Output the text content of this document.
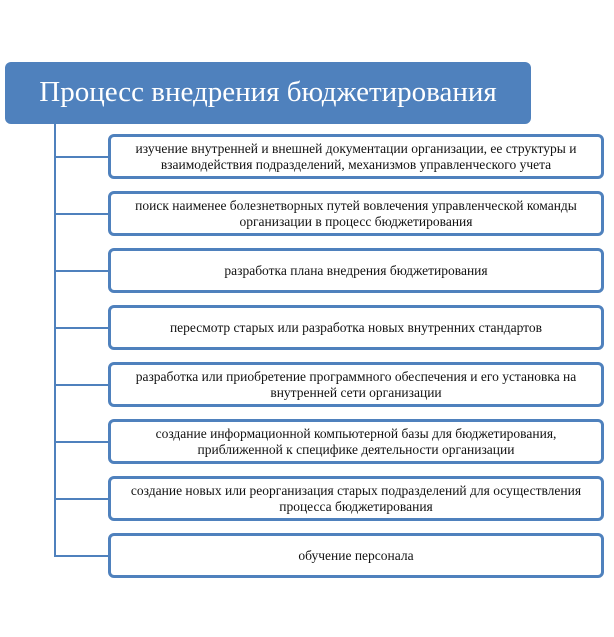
Процесс внедрения бюджетирования
изучение внутренней и внешней документации организации, ее структуры и взаимодействия подразделений, механизмов управленческого учета
поиск наименее болезнетворных путей вовлечения управленческой команды организации в процесс бюджетирования
разработка плана внедрения бюджетирования
пересмотр старых или разработка новых внутренних стандартов
разработка или приобретение программного обеспечения и его установка на внутренней сети организации
создание информационной компьютерной базы для бюджетирования, приближенной к специфике деятельности организации
создание новых или реорганизация старых подразделений для осуществления процесса бюджетирования
обучение персонала
